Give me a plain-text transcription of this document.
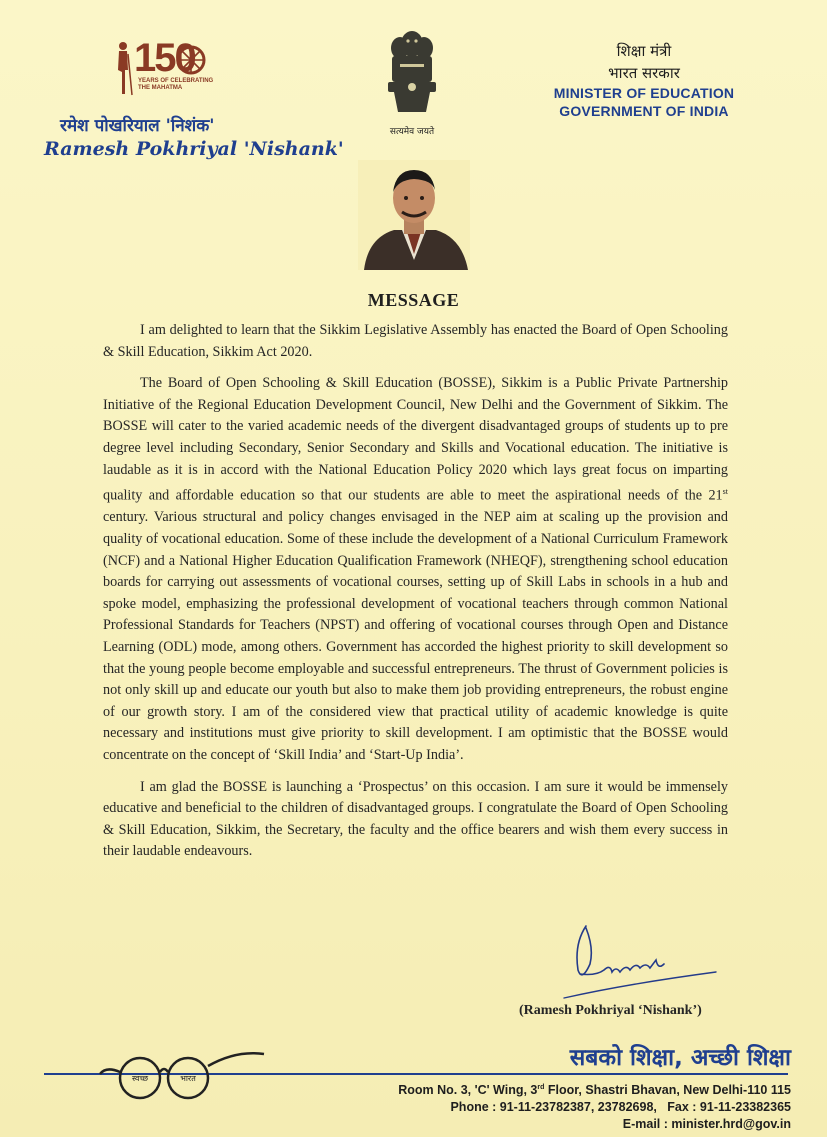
150
YEARS OF CELEBRATING THE MAHATMA
रमेश पोखरियाल 'निशंक'
Ramesh Pokhriyal 'Nishank'
सत्यमेव जयते
शिक्षा मंत्री
भारत सरकार
MINISTER OF EDUCATION
GOVERNMENT OF INDIA
MESSAGE

I am delighted to learn that the Sikkim Legislative Assembly has enacted the Board of Open Schooling & Skill Education, Sikkim Act 2020.

The Board of Open Schooling & Skill Education (BOSSE), Sikkim is a Public Private Partnership Initiative of the Regional Education Development Council, New Delhi and the Government of Sikkim. The BOSSE will cater to the varied academic needs of the divergent disadvantaged groups of students up to pre degree level including Secondary, Senior Secondary and Skills and Vocational education. The initiative is laudable as it is in accord with the National Education Policy 2020 which lays great focus on imparting quality and affordable education so that our students are able to meet the aspirational needs of the 21st century. Various structural and policy changes envisaged in the NEP aim at scaling up the provision and quality of vocational education. Some of these include the development of a National Curriculum Framework (NCF) and a National Higher Education Qualification Framework (NHEQF), strengthening school education boards for carrying out assessments of vocational courses, setting up of Skill Labs in schools in a hub and spoke model, emphasizing the professional development of vocational teachers through common National Professional Standards for Teachers (NPST) and offering of vocational courses through Open and Distance Learning (ODL) mode, among others. Government has accorded the highest priority to skill development so that the young people become employable and successful entrepreneurs. The thrust of Government policies is not only skill up and educate our youth but also to make them job providing entrepreneurs, the robust engine of our growth story. I am of the considered view that practical utility of academic knowledge is quite necessary and institutions must give priority to skill development. I am optimistic that the BOSSE would concentrate on the concept of ‘Skill India’ and ‘Start-Up India’.

I am glad the BOSSE is launching a ‘Prospectus’ on this occasion. I am sure it would be immensely educative and beneficial to the children of disadvantaged groups. I congratulate the Board of Open Schooling & Skill Education, Sikkim, the Secretary, the faculty and the office bearers and wish them every success in their laudable endeavours.

(Ramesh Pokhriyal ‘Nishank’)
सबको शिक्षा, अच्छी शिक्षा
स्वच्छ	भारत
Room No. 3, 'C' Wing, 3rd Floor, Shastri Bhavan, New Delhi-110 115
Phone : 91-11-23782387, 23782698,   Fax : 91-11-23382365
E-mail : minister.hrd@gov.in
